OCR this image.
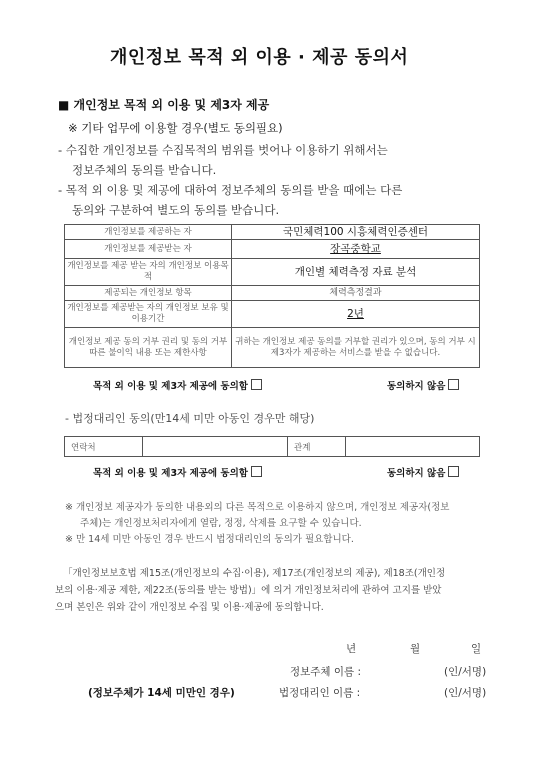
개인정보 목적 외 이용 · 제공 동의서
■ 개인정보 목적 외 이용 및 제3자 제공
※ 기타 업무에 이용할 경우(별도 동의필요)
- 수집한 개인정보를 수집목적의 범위를 벗어나 이용하기 위해서는
정보주체의 동의를 받습니다.
- 목적 외 이용 및 제공에 대하여 정보주체의 동의를 받을 때에는 다른
동의와 구분하여 별도의 동의를 받습니다.
개인정보를 제공하는 자	국민체력100 시흥체력인증센터
개인정보를 제공받는 자	장곡중학교
개인정보를 제공 받는 자의 개인정보 이용목적	개인별 체력측정 자료 분석
제공되는 개인정보 항목	체력측정결과
개인정보를 제공받는 자의 개인정보 보유 및 이용기간	2년
개인정보 제공 동의 거부 권리 및 동의 거부 따른 불이익 내용 또는 제한사항	귀하는 개인정보 제공 동의를 거부할 권리가 있으며, 동의 거부 시 제3자가 제공하는 서비스를 받을 수 없습니다.
목적 외 이용 및 제3자 제공에 동의함	동의하지 않음
- 법정대리인 동의(만14세 미만 아동인 경우만 해당)
연락처		관계	
목적 외 이용 및 제3자 제공에 동의함	동의하지 않음
※ 개인정보 제공자가 동의한 내용외의 다른 목적으로 이용하지 않으며, 개인정보 제공자(정보
주체)는 개인정보처리자에게 열람, 정정, 삭제를 요구할 수 있습니다.
※ 만 14세 미만 아동인 경우 반드시 법정대리인의 동의가 필요합니다.
「개인정보보호법 제15조(개인정보의 수집·이용), 제17조(개인정보의 제공), 제18조(개인정
보의 이용·제공 제한, 제22조(동의를 받는 방법)」에 의거 개인정보처리에 관하여 고지를 받았
으며 본인은 위와 같이 개인정보 수집 및 이용·제공에 동의합니다.
년	월	일
정보주체 이름 :	(인/서명)
(정보주체가 14세 미만인 경우)	법정대리인 이름 :	(인/서명)
